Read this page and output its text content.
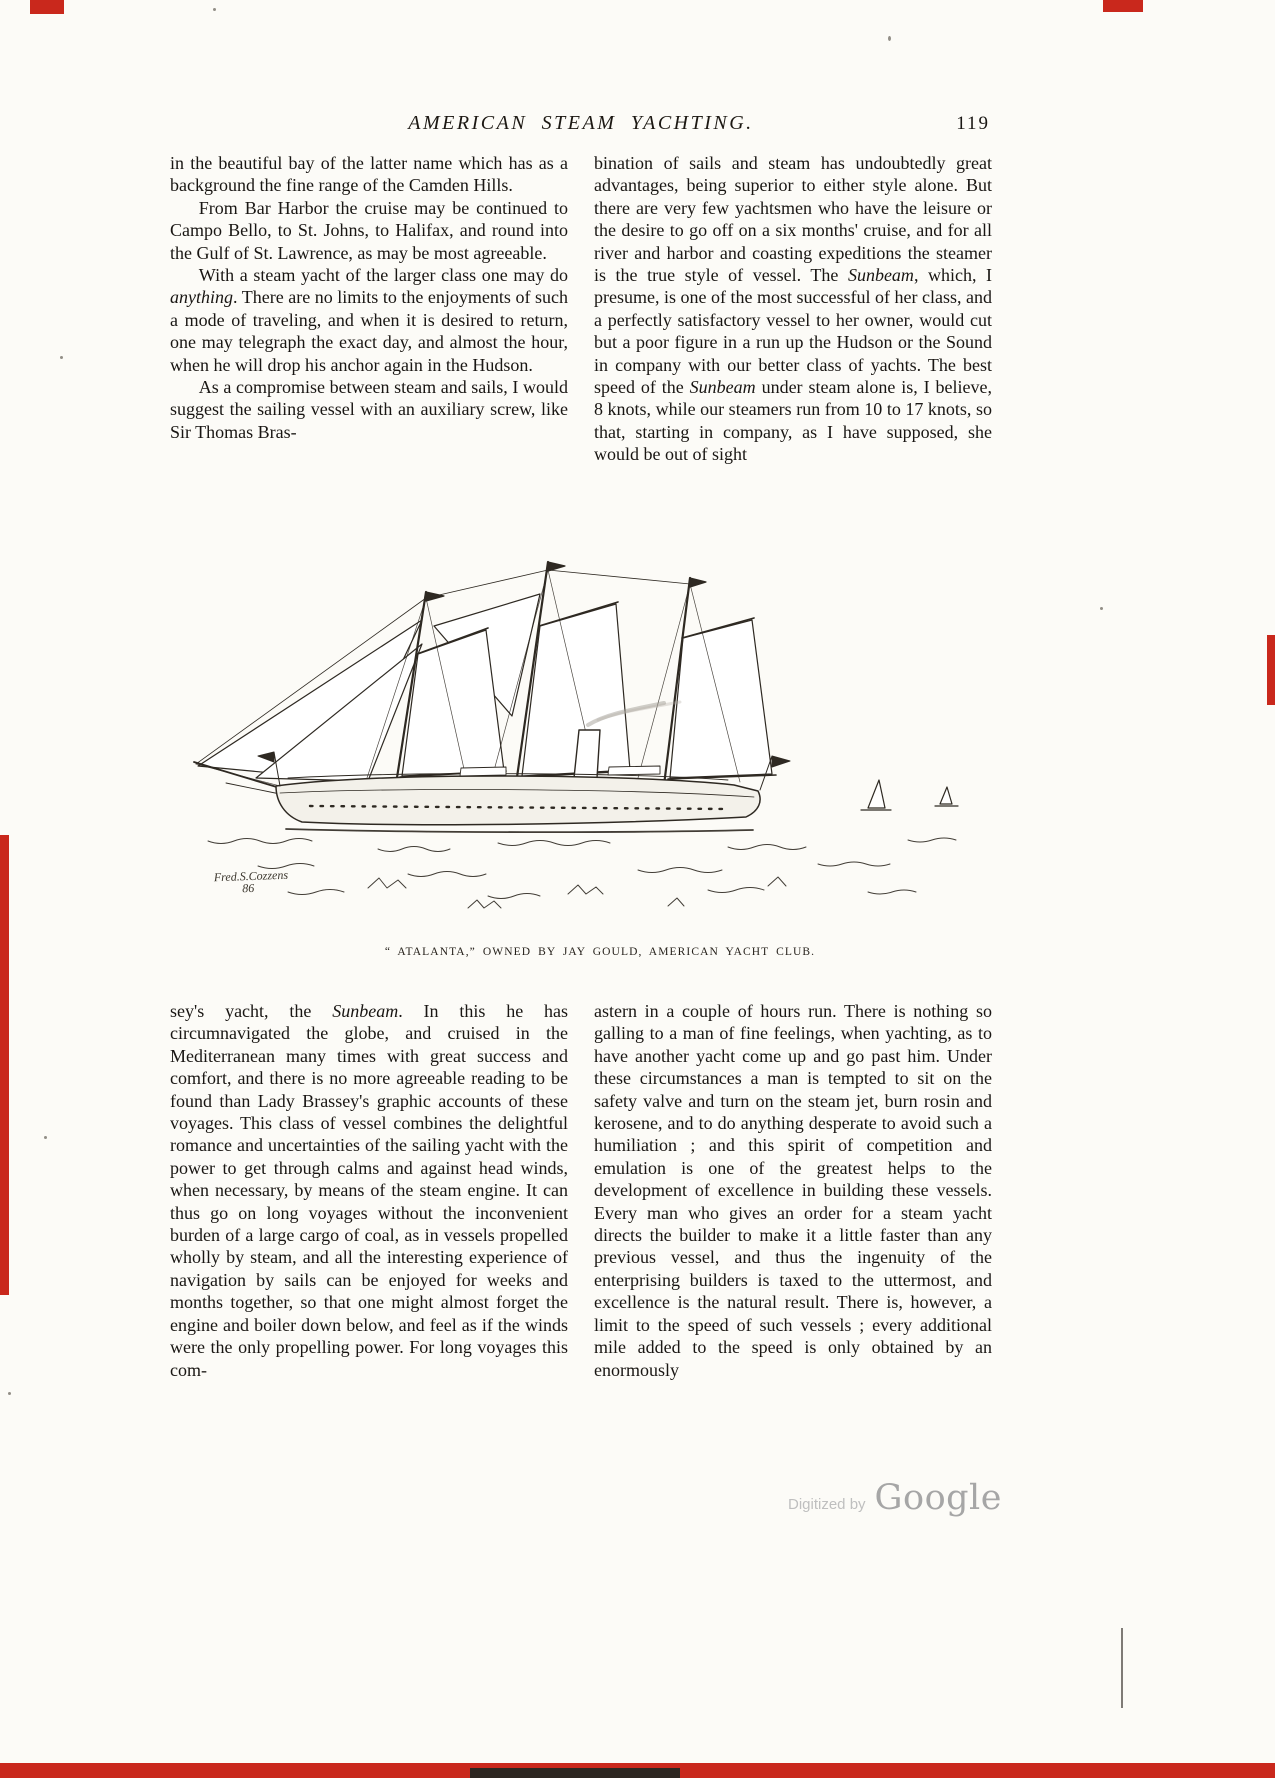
AMERICAN STEAM YACHTING.	119

in the beautiful bay of the latter name which has as a background the fine range of the Camden Hills.

From Bar Harbor the cruise may be continued to Campo Bello, to St. Johns, to Halifax, and round into the Gulf of St. Lawrence, as may be most agreeable.

With a steam yacht of the larger class one may do anything. There are no limits to the enjoyments of such a mode of traveling, and when it is desired to return, one may telegraph the exact day, and almost the hour, when he will drop his anchor again in the Hudson.

As a compromise between steam and sails, I would suggest the sailing vessel with an auxiliary screw, like Sir Thomas Bras-

bination of sails and steam has undoubtedly great advantages, being superior to either style alone. But there are very few yachtsmen who have the leisure or the desire to go off on a six months' cruise, and for all river and harbor and coasting expeditions the steamer is the true style of vessel. The Sunbeam, which, I presume, is one of the most successful of her class, and a perfectly satisfactory vessel to her owner, would cut but a poor figure in a run up the Hudson or the Sound in company with our better class of yachts. The best speed of the Sunbeam under steam alone is, I believe, 8 knots, while our steamers run from 10 to 17 knots, so that, starting in company, as I have supposed, she would be out of sight

Fred.S.Cozzens
86
“ ATALANTA,” OWNED BY JAY GOULD, AMERICAN YACHT CLUB.

sey's yacht, the Sunbeam. In this he has circumnavigated the globe, and cruised in the Mediterranean many times with great success and comfort, and there is no more agreeable reading to be found than Lady Brassey's graphic accounts of these voyages. This class of vessel combines the delightful romance and uncertainties of the sailing yacht with the power to get through calms and against head winds, when necessary, by means of the steam engine. It can thus go on long voyages without the inconvenient burden of a large cargo of coal, as in vessels propelled wholly by steam, and all the interesting experience of navigation by sails can be enjoyed for weeks and months together, so that one might almost forget the engine and boiler down below, and feel as if the winds were the only propelling power. For long voyages this com-

astern in a couple of hours run. There is nothing so galling to a man of fine feelings, when yachting, as to have another yacht come up and go past him. Under these circumstances a man is tempted to sit on the safety valve and turn on the steam jet, burn rosin and kerosene, and to do anything desperate to avoid such a humiliation ; and this spirit of competition and emulation is one of the greatest helps to the development of excellence in building these vessels. Every man who gives an order for a steam yacht directs the builder to make it a little faster than any previous vessel, and thus the ingenuity of the enterprising builders is taxed to the uttermost, and excellence is the natural result. There is, however, a limit to the speed of such vessels ; every additional mile added to the speed is only obtained by an enormously

Digitized by Google
